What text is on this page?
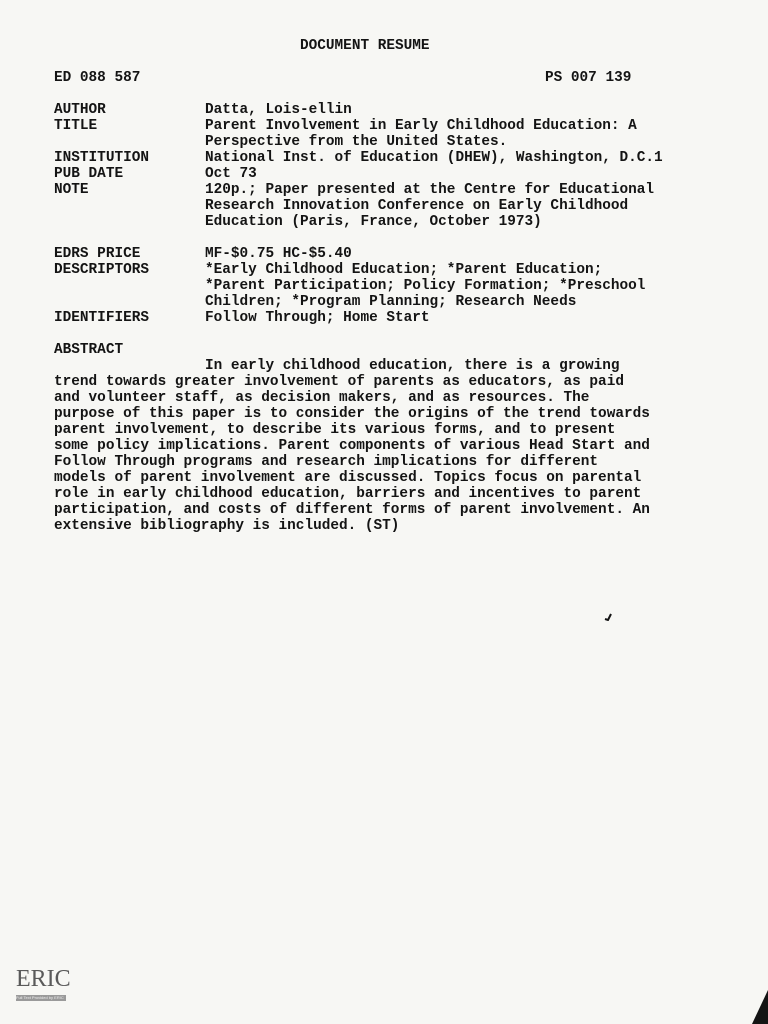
DOCUMENT RESUME
ED 088 587	PS 007 139
AUTHOR	Datta, Lois-ellin
TITLE	Parent Involvement in Early Childhood Education: A
Perspective from the United States.
INSTITUTION	National Inst. of Education (DHEW), Washington, D.C.1
PUB DATE	Oct 73
NOTE	120p.; Paper presented at the Centre for Educational
Research Innovation Conference on Early Childhood
Education (Paris, France, October 1973)
EDRS PRICE	MF-$0.75 HC-$5.40
DESCRIPTORS	*Early Childhood Education; *Parent Education;
*Parent Participation; Policy Formation; *Preschool
Children; *Program Planning; Research Needs
IDENTIFIERS	Follow Through; Home Start
ABSTRACT
In early childhood education, there is a growing
trend towards greater involvement of parents as educators, as paid
and volunteer staff, as decision makers, and as resources. The
purpose of this paper is to consider the origins of the trend towards
parent involvement, to describe its various forms, and to present
some policy implications. Parent components of various Head Start and
Follow Through programs and research implications for different
models of parent involvement are discussed. Topics focus on parental
role in early childhood education, barriers and incentives to parent
participation, and costs of different forms of parent involvement. An
extensive bibliography is included. (ST)
ERIC
Full Text Provided by ERIC
